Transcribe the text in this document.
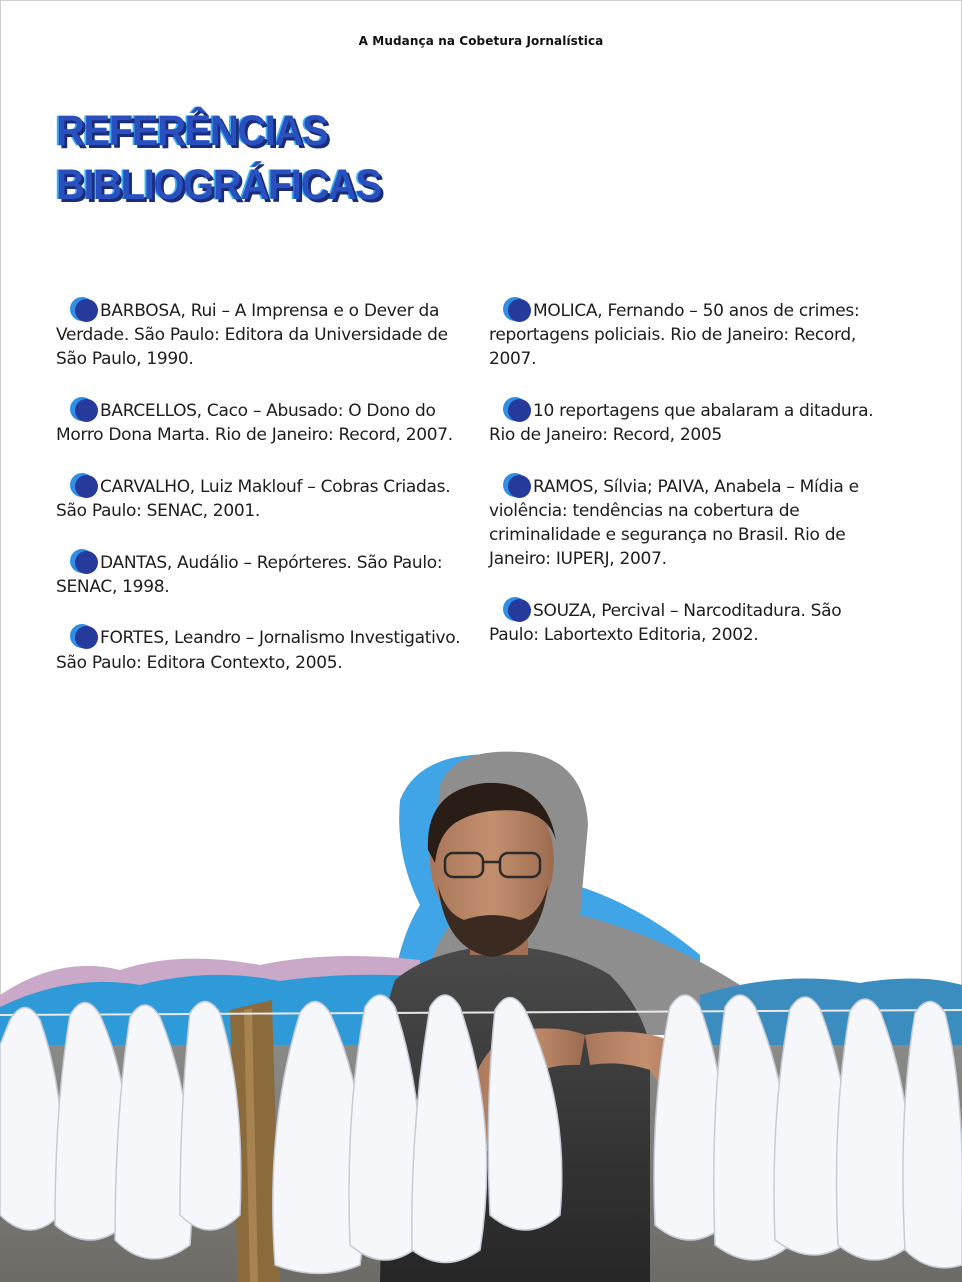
A Mudança na Cobetura Jornalística
REFERÊNCIAS
BIBLIOGRÁFICAS

BARBOSA, Rui – A Imprensa e o Dever da Verdade. São Paulo: Editora da Universidade de São Paulo, 1990.

BARCELLOS, Caco – Abusado: O Dono do Morro Dona Marta. Rio de Janeiro: Record, 2007.

CARVALHO, Luiz Maklouf – Cobras Criadas. São Paulo: SENAC, 2001.

DANTAS, Audálio – Repórteres. São Paulo: SENAC, 1998.

FORTES, Leandro – Jornalismo Investigativo. São Paulo: Editora Contexto, 2005.

MOLICA, Fernando – 50 anos de crimes: reportagens policiais. Rio de Janeiro: Record, 2007.

10 reportagens que abalaram a ditadura. Rio de Janeiro: Record, 2005

RAMOS, Sílvia; PAIVA, Anabela – Mídia e violência: tendências na cobertura de criminalidade e segurança no Brasil. Rio de Janeiro: IUPERJ, 2007.

SOUZA, Percival – Narcoditadura. São Paulo: Labortexto Editoria, 2002.
